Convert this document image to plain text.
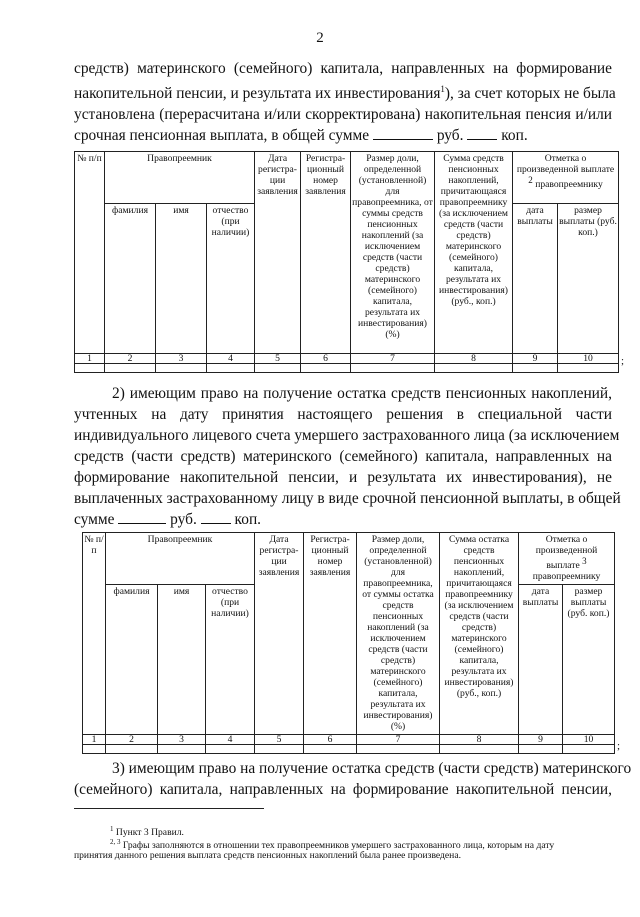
2
средств) материнского (семейного) капитала, направленных на формирование
накопительной пенсии, и результата их инвестирования$^1$), за счет которых не была
установлена (перерасчитана и/или скорректирована) накопительная пенсия и/или
срочная пенсионная выплата, в общей сумме	руб. коп.
№ п/п	Правопреемник			Дата регистра-ции заявления	Регистра-ционный номер заявления	Размер доли, определенной (установленной) для правопреемника, от суммы средств пенсионных накоплений (за исключением средств (части средств) материнского (семейного) капитала, результата их инвестирования) (%)	Сумма средств пенсионных накоплений, причитающаяся правопреемнику (за исключением средств (части средств) материнского (семейного) капитала, результата их инвестирования) (руб., коп.)	Отметка о произведенной выплате $^2$ правопреемнику	
	фамилия	имя	отчество (при наличии)					дата выплаты	размер выплаты (руб. коп.)
1	2	3	4	5	6	7	8	9	10
										;
2) имеющим право на получение остатка средств пенсионных накоплений,
учтенных на дату принятия настоящего решения в специальной части
индивидуального лицевого счета умершего застрахованного лица (за исключением
средств (части средств) материнского (семейного) капитала, направленных на
формирование накопительной пенсии, и результата их инвестирования), не
выплаченных застрахованному лицу в виде срочной пенсионной выплаты, в общей
сумме	руб. коп.
№ п/п	Правопреемник			Дата регистра-ции заявления	Регистра-ционный номер заявления	Размер доли, определенной (установленной) для правопреемника, от суммы остатка средств пенсионных накоплений (за исключением средств (части средств) материнского (семейного) капитала, результата их инвестирования) (%)	Сумма остатка средств пенсионных накоплений, причитающаяся правопреемнику (за исключением средств (части средств) материнского (семейного) капитала, результата их инвестирования) (руб., коп.)	Отметка о произведенной выплате $^3$ правопреемнику	
	фамилия	имя	отчество (при наличии)					дата выплаты	размер выплаты (руб. коп.)
1	2	3	4	5	6	7	8	9	10

;
3) имеющим право на получение остатка средств (части средств) материнского
(семейного) капитала, направленных на формирование накопительной пенсии,
$^1$ Пункт 3 Правил.
$^{2, 3}$ Графы заполняются в отношении тех правопреемников умершего застрахованного лица, которым на дату
принятия данного решения выплата средств пенсионных накоплений была ранее произведена.
